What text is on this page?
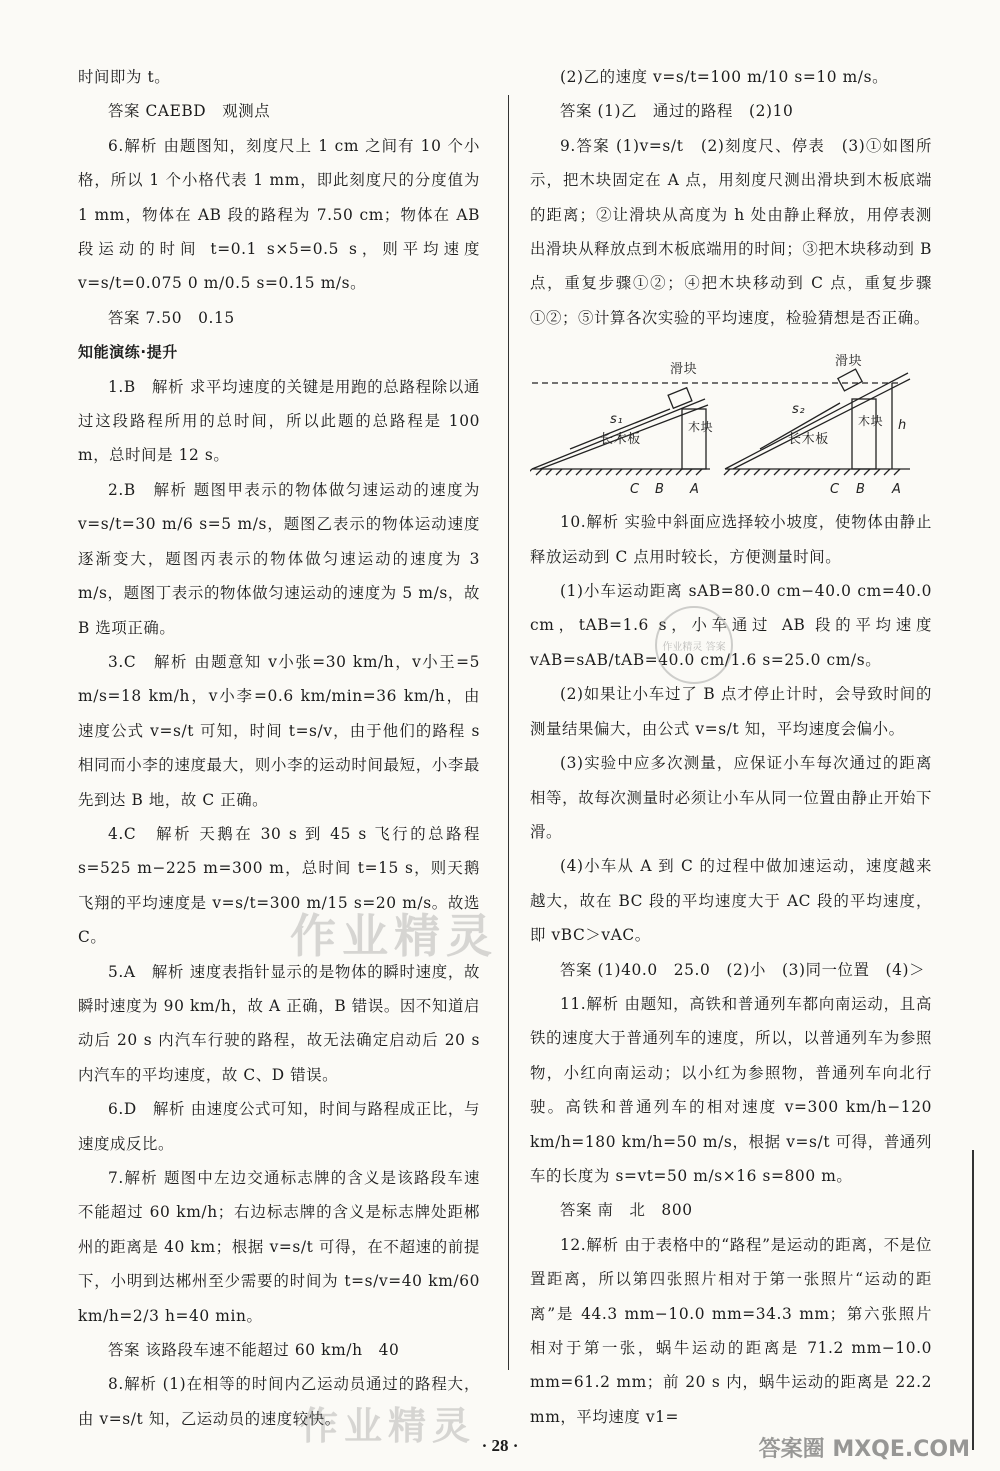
时间即为 t。

答案 CAEBD　观测点

6.解析 由题图知，刻度尺上 1 cm 之间有 10 个小格，所以 1 个小格代表 1 mm，即此刻度尺的分度值为 1 mm，物体在 AB 段的路程为 7.50 cm；物体在 AB 段运动的时间 t=0.1 s×5=0.5 s，则平均速度 v=s/t=0.075 0 m/0.5 s=0.15 m/s。

答案 7.50　0.15

知能演练·提升

1.B　解析 求平均速度的关键是用跑的总路程除以通过这段路程所用的总时间，所以此题的总路程是 100 m，总时间是 12 s。

2.B　解析 题图甲表示的物体做匀速运动的速度为 v=s/t=30 m/6 s=5 m/s，题图乙表示的物体运动速度逐渐变大，题图丙表示的物体做匀速运动的速度为 3 m/s，题图丁表示的物体做匀速运动的速度为 5 m/s，故 B 选项正确。

3.C　解析 由题意知 v小张=30 km/h，v小王=5 m/s=18 km/h，v小李=0.6 km/min=36 km/h，由速度公式 v=s/t 可知，时间 t=s/v，由于他们的路程 s 相同而小李的速度最大，则小李的运动时间最短，小李最先到达 B 地，故 C 正确。

4.C　解析 天鹅在 30 s 到 45 s 飞行的总路程 s=525 m−225 m=300 m，总时间 t=15 s，则天鹅飞翔的平均速度是 v=s/t=300 m/15 s=20 m/s。故选 C。

5.A　解析 速度表指针显示的是物体的瞬时速度，故瞬时速度为 90 km/h，故 A 正确，B 错误。因不知道启动后 20 s 内汽车行驶的路程，故无法确定启动后 20 s 内汽车的平均速度，故 C、D 错误。

6.D　解析 由速度公式可知，时间与路程成正比，与速度成反比。

7.解析 题图中左边交通标志牌的含义是该路段车速不能超过 60 km/h；右边标志牌的含义是标志牌处距郴州的距离是 40 km；根据 v=s/t 可得，在不超速的前提下，小明到达郴州至少需要的时间为 t=s/v=40 km/60 km/h=2/3 h=40 min。

答案 该路段车速不能超过 60 km/h　40

8.解析 (1)在相等的时间内乙运动员通过的路程大，由 v=s/t 知，乙运动员的速度较快。

(2)乙的速度 v=s/t=100 m/10 s=10 m/s。

答案 (1)乙　通过的路程　(2)10

9.答案 (1)v=s/t　(2)刻度尺、停表　(3)①如图所示，把木块固定在 A 点，用刻度尺测出滑块到木板底端的距离；②让滑块从高度为 h 处由静止释放，用停表测出滑块从释放点到木板底端用的时间；③把木块移动到 B 点，重复步骤①②；④把木块移动到 C 点，重复步骤①②；⑤计算各次实验的平均速度，检验猜想是否正确。

滑块
滑块
长木板	长木板
木块	木块
s₁
s₂
h
C B A	C B A

10.解析 实验中斜面应选择较小坡度，使物体由静止释放运动到 C 点用时较长，方便测量时间。

(1)小车运动距离 sAB=80.0 cm−40.0 cm=40.0 cm，tAB=1.6 s，小车通过 AB 段的平均速度 vAB=sAB/tAB=40.0 cm/1.6 s=25.0 cm/s。

(2)如果让小车过了 B 点才停止计时，会导致时间的测量结果偏大，由公式 v=s/t 知，平均速度会偏小。

(3)实验中应多次测量，应保证小车每次通过的距离相等，故每次测量时必须让小车从同一位置由静止开始下滑。

(4)小车从 A 到 C 的过程中做加速运动，速度越来越大，故在 BC 段的平均速度大于 AC 段的平均速度，即 vBC＞vAC。

答案 (1)40.0　25.0　(2)小　(3)同一位置　(4)＞

11.解析 由题知，高铁和普通列车都向南运动，且高铁的速度大于普通列车的速度，所以，以普通列车为参照物，小红向南运动；以小红为参照物，普通列车向北行驶。高铁和普通列车的相对速度 v=300 km/h−120 km/h=180 km/h=50 m/s，根据 v=s/t 可得，普通列车的长度为 s=vt=50 m/s×16 s=800 m。

答案 南　北　800

12.解析 由于表格中的“路程”是运动的距离，不是位置距离，所以第四张照片相对于第一张照片“运动的距离”是 44.3 mm−10.0 mm=34.3 mm；第六张照片相对于第一张，蜗牛运动的距离是 71.2 mm−10.0 mm=61.2 mm；前 20 s 内，蜗牛运动的距离是 22.2 mm，平均速度 v1=

作业精灵 答案
作业精灵
作业精灵
答案圈 MXQE.COM
· 28 ·
